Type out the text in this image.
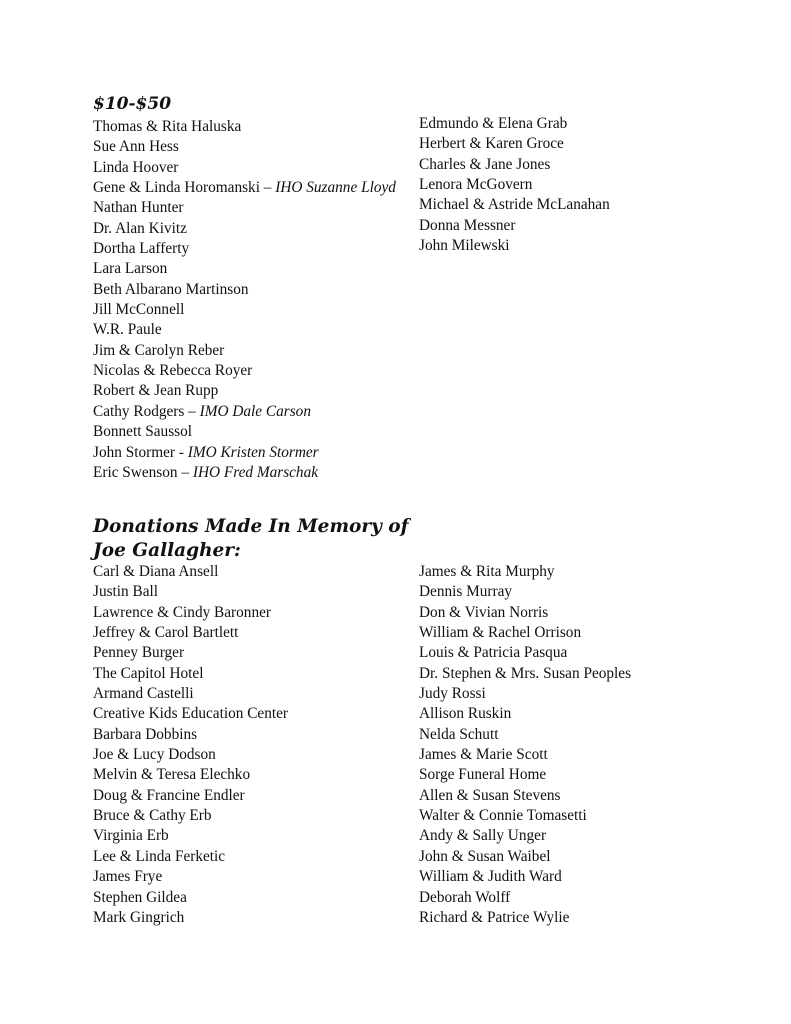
$10-$50
Thomas & Rita Haluska
Sue Ann Hess
Linda Hoover
Gene & Linda Horomanski – IHO Suzanne Lloyd
Nathan Hunter
Dr. Alan Kivitz
Dortha Lafferty
Lara Larson
Beth Albarano Martinson
Jill McConnell
W.R. Paule
Jim & Carolyn Reber
Nicolas & Rebecca Royer
Robert & Jean Rupp
Cathy Rodgers – IMO Dale Carson
Bonnett Saussol
John Stormer - IMO Kristen Stormer
Eric Swenson – IHO Fred Marschak
Edmundo & Elena Grab
Herbert & Karen Groce
Charles & Jane Jones
Lenora McGovern
Michael & Astride McLanahan
Donna Messner
John Milewski
Donations Made In Memory of Joe Gallagher:
Carl & Diana Ansell
Justin Ball
Lawrence & Cindy Baronner
Jeffrey & Carol Bartlett
Penney Burger
The Capitol Hotel
Armand Castelli
Creative Kids Education Center
Barbara Dobbins
Joe & Lucy Dodson
Melvin & Teresa Elechko
Doug & Francine Endler
Bruce & Cathy Erb
Virginia Erb
Lee & Linda Ferketic
James Frye
Stephen Gildea
Mark Gingrich
James & Rita Murphy
Dennis Murray
Don & Vivian Norris
William & Rachel Orrison
Louis & Patricia Pasqua
Dr. Stephen & Mrs. Susan Peoples
Judy Rossi
Allison Ruskin
Nelda Schutt
James & Marie Scott
Sorge Funeral Home
Allen & Susan Stevens
Walter & Connie Tomasetti
Andy & Sally Unger
John & Susan Waibel
William & Judith Ward
Deborah Wolff
Richard & Patrice Wylie
